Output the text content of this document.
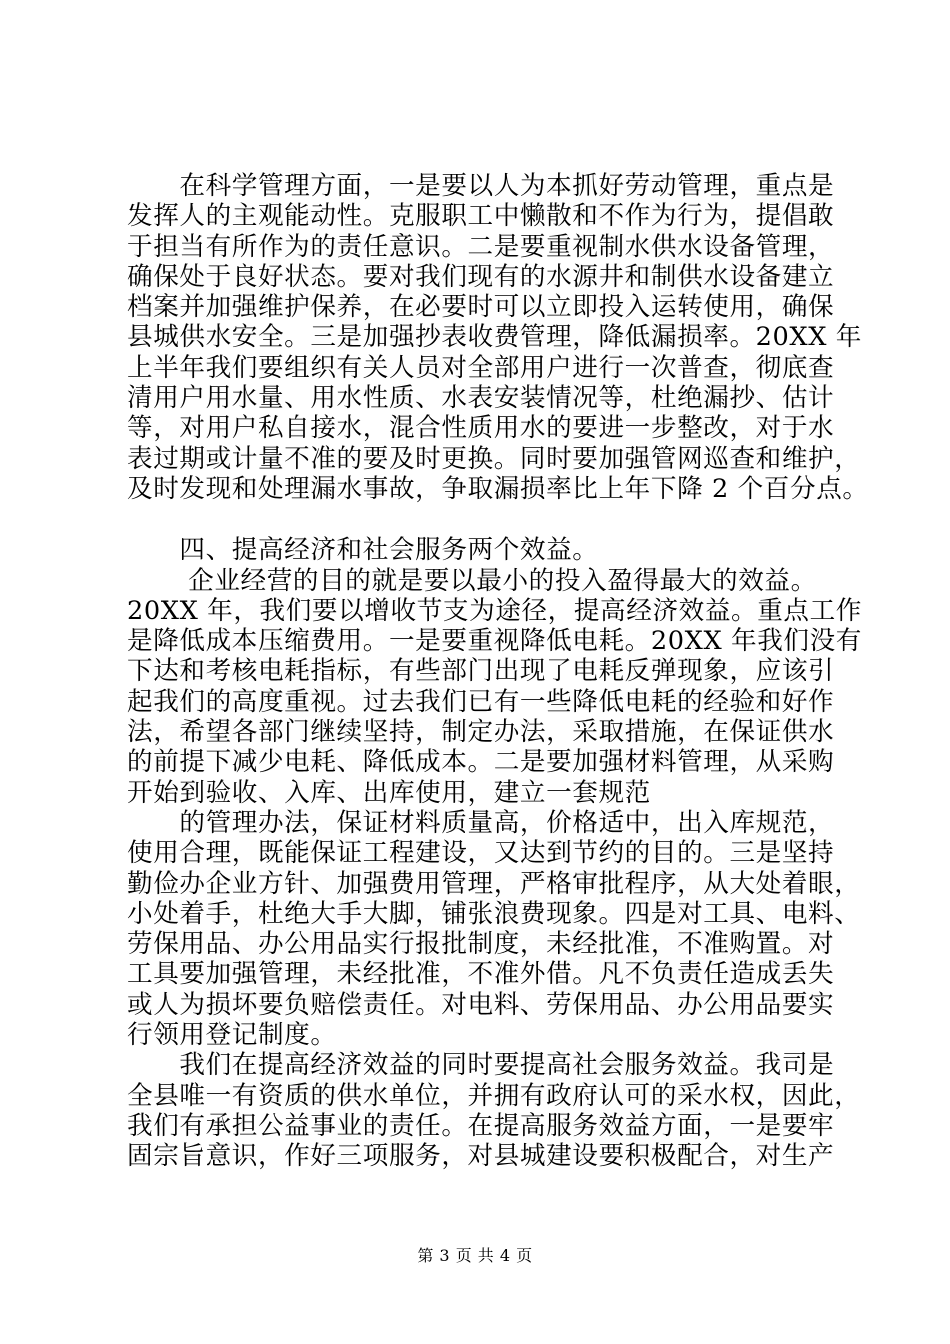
　　在科学管理方面，一是要以人为本抓好劳动管理，重点是
发挥人的主观能动性。克服职工中懒散和不作为行为，提倡敢
于担当有所作为的责任意识。二是要重视制水供水设备管理，
确保处于良好状态。要对我们现有的水源井和制供水设备建立
档案并加强维护保养，在必要时可以立即投入运转使用，确保
县城供水安全。三是加强抄表收费管理，降低漏损率。20XX 年
上半年我们要组织有关人员对全部用户进行一次普查，彻底查
清用户用水量、用水性质、水表安装情况等，杜绝漏抄、估计
等，对用户私自接水，混合性质用水的要进一步整改，对于水
表过期或计量不准的要及时更换。同时要加强管网巡查和维护，
及时发现和处理漏水事故，争取漏损率比上年下降 2 个百分点。
　　四、提高经济和社会服务两个效益。
　　 企业经营的目的就是要以最小的投入盈得最大的效益。
20XX 年，我们要以增收节支为途径，提高经济效益。重点工作
是降低成本压缩费用。一是要重视降低电耗。20XX 年我们没有
下达和考核电耗指标，有些部门出现了电耗反弹现象，应该引
起我们的高度重视。过去我们已有一些降低电耗的经验和好作
法，希望各部门继续坚持，制定办法，采取措施，在保证供水
的前提下减少电耗、降低成本。二是要加强材料管理，从采购
开始到验收、入库、出库使用，建立一套规范
　　的管理办法，保证材料质量高，价格适中，出入库规范，
使用合理，既能保证工程建设，又达到节约的目的。三是坚持
勤俭办企业方针、加强费用管理，严格审批程序，从大处着眼，
小处着手，杜绝大手大脚，铺张浪费现象。四是对工具、电料、
劳保用品、办公用品实行报批制度，未经批准，不准购置。对
工具要加强管理，未经批准，不准外借。凡不负责任造成丢失
或人为损坏要负赔偿责任。对电料、劳保用品、办公用品要实
行领用登记制度。
　　我们在提高经济效益的同时要提高社会服务效益。我司是
全县唯一有资质的供水单位，并拥有政府认可的采水权，因此，
我们有承担公益事业的责任。在提高服务效益方面，一是要牢
固宗旨意识，作好三项服务，对县城建设要积极配合，对生产
第 3 页 共 4 页
